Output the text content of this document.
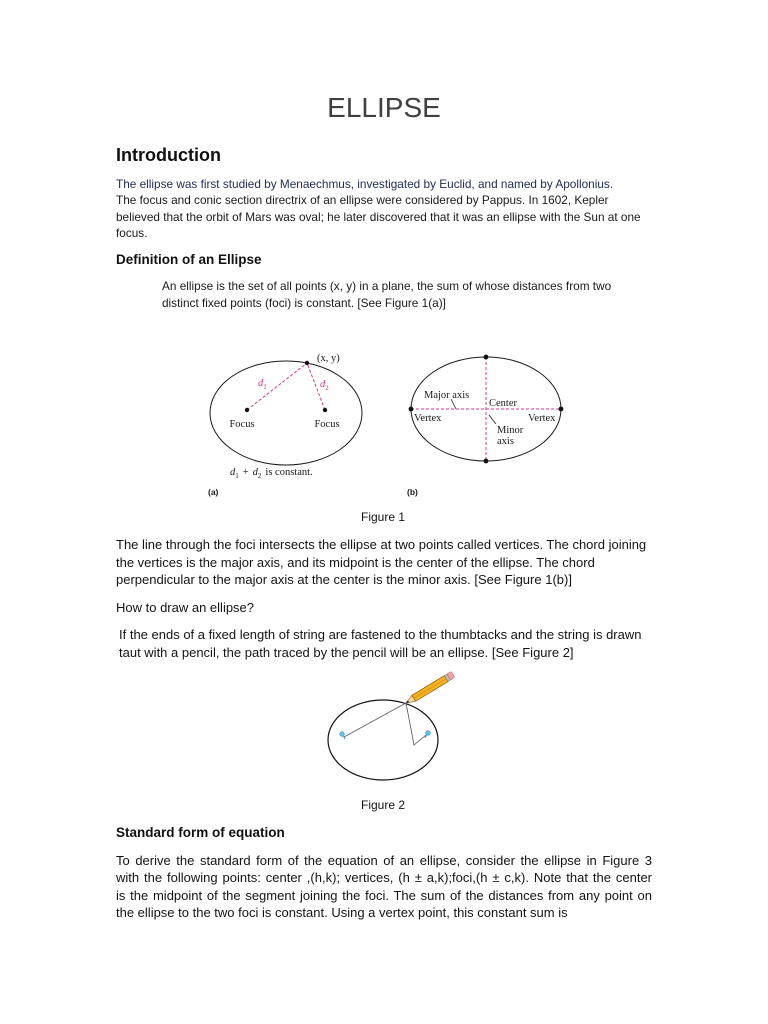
ELLIPSE
Introduction
The ellipse was first studied by Menaechmus, investigated by Euclid, and named by Apollonius.
The focus and conic section directrix of an ellipse were considered by Pappus. In 1602, Kepler
believed that the orbit of Mars was oval; he later discovered that it was an ellipse with the Sun at one
focus.
Definition of an Ellipse
An ellipse is the set of all points (x, y) in a plane, the sum of whose distances from two
distinct fixed points (foci) is constant. [See Figure 1(a)]
(x, y)
$d_1$	$d_2$
Focus	Focus
$d_1 + d_2$ is constant.
(a)
Major axis
Center
Vertex	Vertex
Minor
axis
(b)
Figure 1
The line through the foci intersects the ellipse at two points called vertices. The chord joining
the vertices is the major axis, and its midpoint is the center of the ellipse. The chord
perpendicular to the major axis at the center is the minor axis. [See Figure 1(b)]
How to draw an ellipse?
If the ends of a fixed length of string are fastened to the thumbtacks and the string is drawn
taut with a pencil, the path traced by the pencil will be an ellipse. [See Figure 2]
Figure 2
Standard form of equation
To derive the standard form of the equation of an ellipse, consider the ellipse in Figure 3
with the following points: center ,(h,k); vertices, (h ± a,k);foci,(h ± c,k). Note that the center
is the midpoint of the segment joining the foci. The sum of the distances from any point on
the ellipse to the two foci is constant. Using a vertex point, this constant sum is
